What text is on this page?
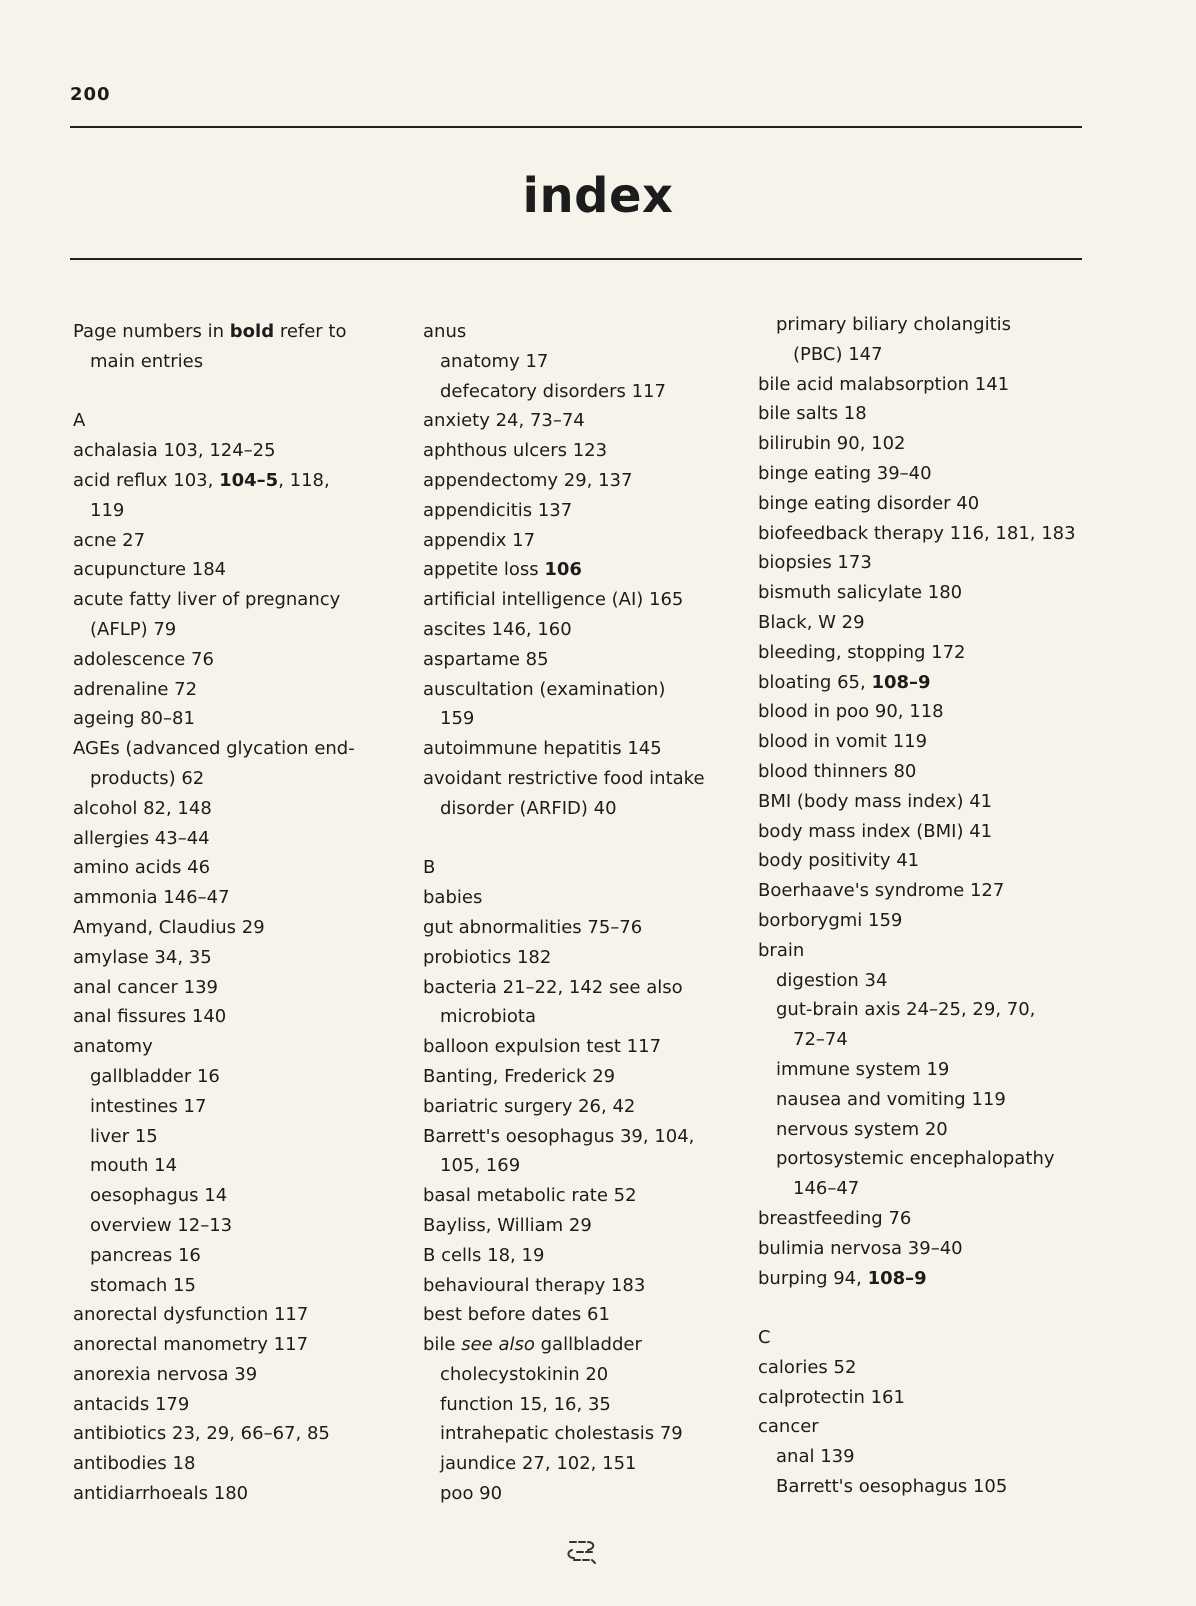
200
index
Page numbers in bold refer to
main entries
A
achalasia 103, 124–25
acid reflux 103, 104–5, 118,
119
acne 27
acupuncture 184
acute fatty liver of pregnancy
(AFLP) 79
adolescence 76
adrenaline 72
ageing 80–81
AGEs (advanced glycation end-
products) 62
alcohol 82, 148
allergies 43–44
amino acids 46
ammonia 146–47
Amyand, Claudius 29
amylase 34, 35
anal cancer 139
anal fissures 140
anatomy
gallbladder 16
intestines 17
liver 15
mouth 14
oesophagus 14
overview 12–13
pancreas 16
stomach 15
anorectal dysfunction 117
anorectal manometry 117
anorexia nervosa 39
antacids 179
antibiotics 23, 29, 66–67, 85
antibodies 18
antidiarrhoeals 180
anus
anatomy 17
defecatory disorders 117
anxiety 24, 73–74
aphthous ulcers 123
appendectomy 29, 137
appendicitis 137
appendix 17
appetite loss 106
artificial intelligence (AI) 165
ascites 146, 160
aspartame 85
auscultation (examination)
159
autoimmune hepatitis 145
avoidant restrictive food intake
disorder (ARFID) 40
B
babies
gut abnormalities 75–76
probiotics 182
bacteria 21–22, 142 see also
microbiota
balloon expulsion test 117
Banting, Frederick 29
bariatric surgery 26, 42
Barrett's oesophagus 39, 104,
105, 169
basal metabolic rate 52
Bayliss, William 29
B cells 18, 19
behavioural therapy 183
best before dates 61
bile see also gallbladder
cholecystokinin 20
function 15, 16, 35
intrahepatic cholestasis 79
jaundice 27, 102, 151
poo 90
primary biliary cholangitis
(PBC) 147
bile acid malabsorption 141
bile salts 18
bilirubin 90, 102
binge eating 39–40
binge eating disorder 40
biofeedback therapy 116, 181, 183
biopsies 173
bismuth salicylate 180
Black, W 29
bleeding, stopping 172
bloating 65, 108–9
blood in poo 90, 118
blood in vomit 119
blood thinners 80
BMI (body mass index) 41
body mass index (BMI) 41
body positivity 41
Boerhaave's syndrome 127
borborygmi 159
brain
digestion 34
gut-brain axis 24–25, 29, 70,
72–74
immune system 19
nausea and vomiting 119
nervous system 20
portosystemic encephalopathy
146–47
breastfeeding 76
bulimia nervosa 39–40
burping 94, 108–9
C
calories 52
calprotectin 161
cancer
anal 139
Barrett's oesophagus 105
